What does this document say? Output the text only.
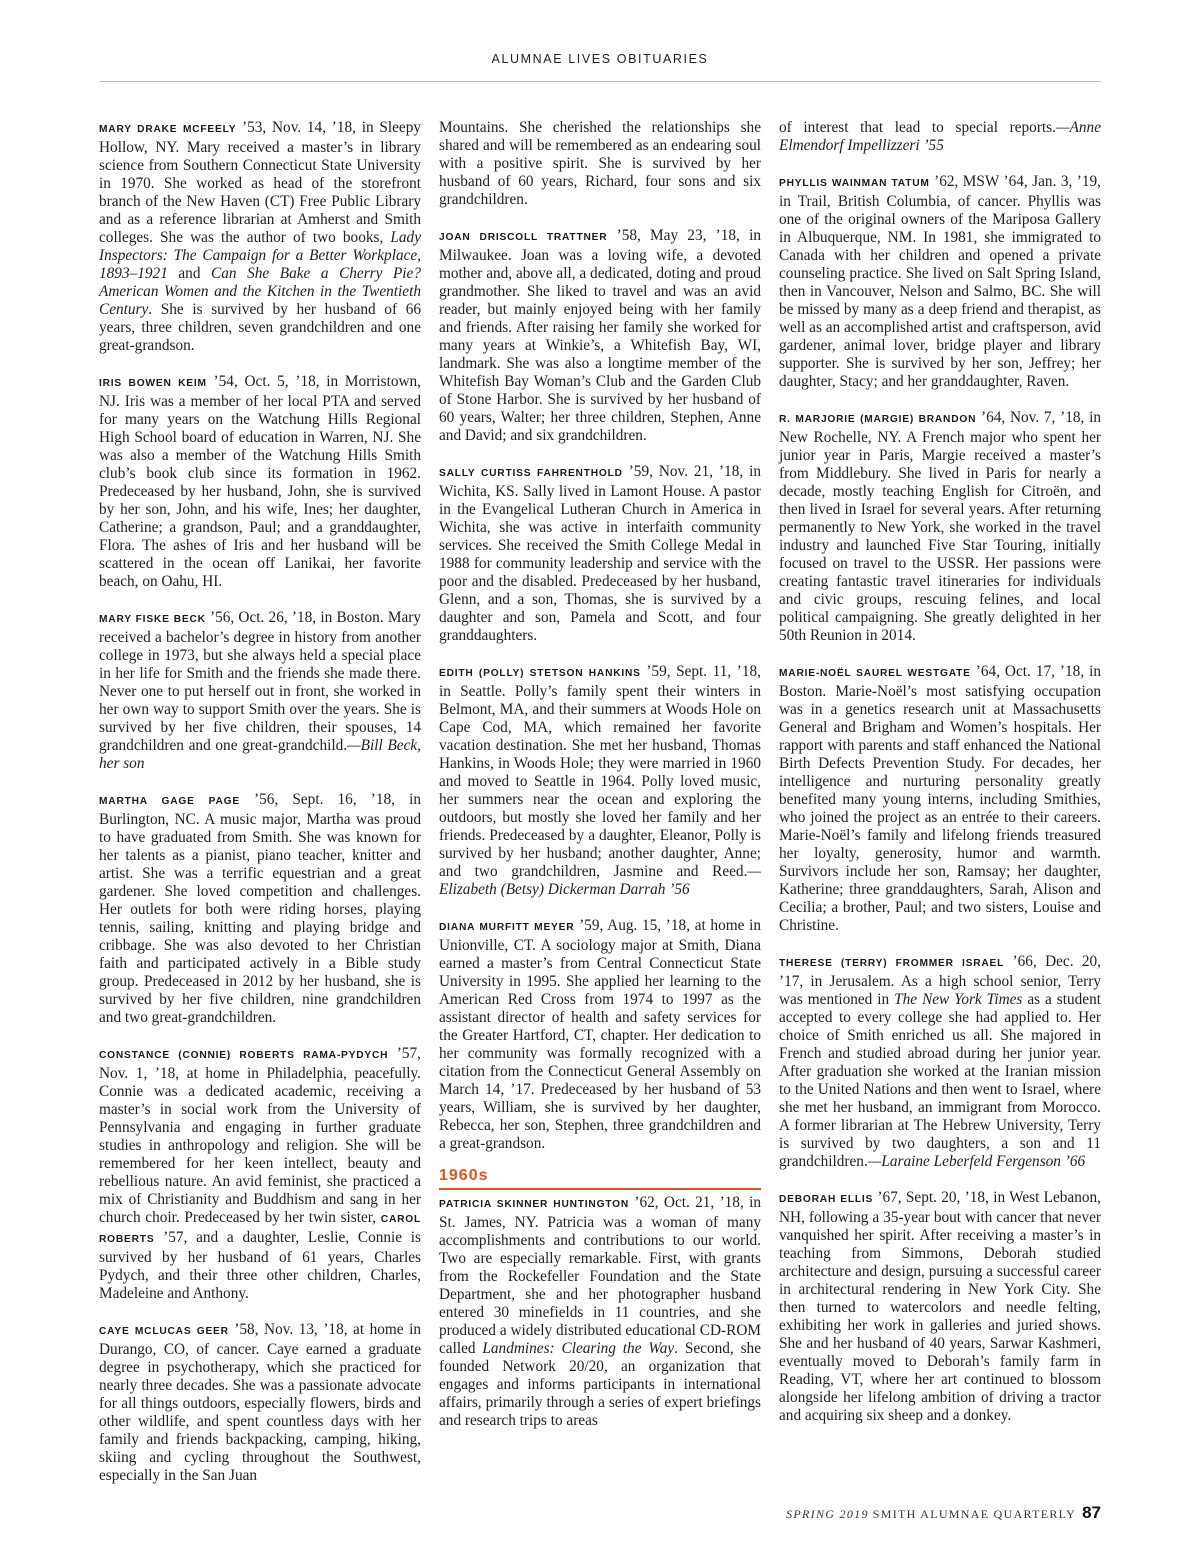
ALUMNAE LIVES OBITUARIES

MARY DRAKE MCFEELY ’53, Nov. 14, ’18, in Sleepy Hollow, NY. Mary received a master’s in library science from Southern Connecticut State University in 1970. She worked as head of the storefront branch of the New Haven (CT) Free Public Library and as a reference librarian at Amherst and Smith colleges. She was the author of two books, Lady Inspectors: The Campaign for a Better Workplace, 1893–1921 and Can She Bake a Cherry Pie? American Women and the Kitchen in the Twentieth Century. She is survived by her husband of 66 years, three children, seven grandchildren and one great-grandson.

IRIS BOWEN KEIM ’54, Oct. 5, ’18, in Morristown, NJ. Iris was a member of her local PTA and served for many years on the Watchung Hills Regional High School board of education in Warren, NJ. She was also a member of the Watchung Hills Smith club’s book club since its formation in 1962. Predeceased by her husband, John, she is survived by her son, John, and his wife, Ines; her daughter, Catherine; a grandson, Paul; and a granddaughter, Flora. The ashes of Iris and her husband will be scattered in the ocean off Lanikai, her favorite beach, on Oahu, HI.

MARY FISKE BECK ’56, Oct. 26, ’18, in Boston. Mary received a bachelor’s degree in history from another college in 1973, but she always held a special place in her life for Smith and the friends she made there. Never one to put herself out in front, she worked in her own way to support Smith over the years. She is survived by her five children, their spouses, 14 grandchildren and one great-grandchild.—Bill Beck, her son

MARTHA GAGE PAGE ’56, Sept. 16, ’18, in Burlington, NC. A music major, Martha was proud to have graduated from Smith. She was known for her talents as a pianist, piano teacher, knitter and artist. She was a terrific equestrian and a great gardener. She loved competition and challenges. Her outlets for both were riding horses, playing tennis, sailing, knitting and playing bridge and cribbage. She was also devoted to her Christian faith and participated actively in a Bible study group. Predeceased in 2012 by her husband, she is survived by her five children, nine grandchildren and two great-grandchildren.

CONSTANCE (CONNIE) ROBERTS RAMA-PYDYCH ’57, Nov. 1, ’18, at home in Philadelphia, peacefully. Connie was a dedicated academic, receiving a master’s in social work from the University of Pennsylvania and engaging in further graduate studies in anthropology and religion. She will be remembered for her keen intellect, beauty and rebellious nature. An avid feminist, she practiced a mix of Christianity and Buddhism and sang in her church choir. Predeceased by her twin sister, CAROL ROBERTS ’57, and a daughter, Leslie, Connie is survived by her husband of 61 years, Charles Pydych, and their three other children, Charles, Madeleine and Anthony.

CAYE MCLUCAS GEER ’58, Nov. 13, ’18, at home in Durango, CO, of cancer. Caye earned a graduate degree in psychotherapy, which she practiced for nearly three decades. She was a passionate advocate for all things outdoors, especially flowers, birds and other wildlife, and spent countless days with her family and friends backpacking, camping, hiking, skiing and cycling throughout the Southwest, especially in the San Juan

Mountains. She cherished the relationships she shared and will be remembered as an endearing soul with a positive spirit. She is survived by her husband of 60 years, Richard, four sons and six grandchildren.

JOAN DRISCOLL TRATTNER ’58, May 23, ’18, in Milwaukee. Joan was a loving wife, a devoted mother and, above all, a dedicated, doting and proud grandmother. She liked to travel and was an avid reader, but mainly enjoyed being with her family and friends. After raising her family she worked for many years at Winkie’s, a Whitefish Bay, WI, landmark. She was also a longtime member of the Whitefish Bay Woman’s Club and the Garden Club of Stone Harbor. She is survived by her husband of 60 years, Walter; her three children, Stephen, Anne and David; and six grandchildren.

SALLY CURTISS FAHRENTHOLD ’59, Nov. 21, ’18, in Wichita, KS. Sally lived in Lamont House. A pastor in the Evangelical Lutheran Church in America in Wichita, she was active in interfaith community services. She received the Smith College Medal in 1988 for community leadership and service with the poor and the disabled. Predeceased by her husband, Glenn, and a son, Thomas, she is survived by a daughter and son, Pamela and Scott, and four granddaughters.

EDITH (POLLY) STETSON HANKINS ’59, Sept. 11, ’18, in Seattle. Polly’s family spent their winters in Belmont, MA, and their summers at Woods Hole on Cape Cod, MA, which remained her favorite vacation destination. She met her husband, Thomas Hankins, in Woods Hole; they were married in 1960 and moved to Seattle in 1964. Polly loved music, her summers near the ocean and exploring the outdoors, but mostly she loved her family and her friends. Predeceased by a daughter, Eleanor, Polly is survived by her husband; another daughter, Anne; and two grandchildren, Jasmine and Reed.—Elizabeth (Betsy) Dickerman Darrah ’56

DIANA MURFITT MEYER ’59, Aug. 15, ’18, at home in Unionville, CT. A sociology major at Smith, Diana earned a master’s from Central Connecticut State University in 1995. She applied her learning to the American Red Cross from 1974 to 1997 as the assistant director of health and safety services for the Greater Hartford, CT, chapter. Her dedication to her community was formally recognized with a citation from the Connecticut General Assembly on March 14, ’17. Predeceased by her husband of 53 years, William, she is survived by her daughter, Rebecca, her son, Stephen, three grandchildren and a great-grandson.

1960s

PATRICIA SKINNER HUNTINGTON ’62, Oct. 21, ’18, in St. James, NY. Patricia was a woman of many accomplishments and contributions to our world. Two are especially remarkable. First, with grants from the Rockefeller Foundation and the State Department, she and her photographer husband entered 30 minefields in 11 countries, and she produced a widely distributed educational CD-ROM called Landmines: Clearing the Way. Second, she founded Network 20/20, an organization that engages and informs participants in international affairs, primarily through a series of expert briefings and research trips to areas

of interest that lead to special reports.—Anne Elmendorf Impellizzeri ’55

PHYLLIS WAINMAN TATUM ’62, MSW ’64, Jan. 3, ’19, in Trail, British Columbia, of cancer. Phyllis was one of the original owners of the Mariposa Gallery in Albuquerque, NM. In 1981, she immigrated to Canada with her children and opened a private counseling practice. She lived on Salt Spring Island, then in Vancouver, Nelson and Salmo, BC. She will be missed by many as a deep friend and therapist, as well as an accomplished artist and craftsperson, avid gardener, animal lover, bridge player and library supporter. She is survived by her son, Jeffrey; her daughter, Stacy; and her granddaughter, Raven.

R. MARJORIE (MARGIE) BRANDON ’64, Nov. 7, ’18, in New Rochelle, NY. A French major who spent her junior year in Paris, Margie received a master’s from Middlebury. She lived in Paris for nearly a decade, mostly teaching English for Citroën, and then lived in Israel for several years. After returning permanently to New York, she worked in the travel industry and launched Five Star Touring, initially focused on travel to the USSR. Her passions were creating fantastic travel itineraries for individuals and civic groups, rescuing felines, and local political campaigning. She greatly delighted in her 50th Reunion in 2014.

MARIE-NOËL SAUREL WESTGATE ’64, Oct. 17, ’18, in Boston. Marie-Noël’s most satisfying occupation was in a genetics research unit at Massachusetts General and Brigham and Women’s hospitals. Her rapport with parents and staff enhanced the National Birth Defects Prevention Study. For decades, her intelligence and nurturing personality greatly benefited many young interns, including Smithies, who joined the project as an entrée to their careers. Marie-Noël’s family and lifelong friends treasured her loyalty, generosity, humor and warmth. Survivors include her son, Ramsay; her daughter, Katherine; three granddaughters, Sarah, Alison and Cecilia; a brother, Paul; and two sisters, Louise and Christine.

THERESE (TERRY) FROMMER ISRAEL ’66, Dec. 20, ’17, in Jerusalem. As a high school senior, Terry was mentioned in The New York Times as a student accepted to every college she had applied to. Her choice of Smith enriched us all. She majored in French and studied abroad during her junior year. After graduation she worked at the Iranian mission to the United Nations and then went to Israel, where she met her husband, an immigrant from Morocco. A former librarian at The Hebrew University, Terry is survived by two daughters, a son and 11 grandchildren.—Laraine Leberfeld Fergenson ’66

DEBORAH ELLIS ’67, Sept. 20, ’18, in West Lebanon, NH, following a 35-year bout with cancer that never vanquished her spirit. After receiving a master’s in teaching from Simmons, Deborah studied architecture and design, pursuing a successful career in architectural rendering in New York City. She then turned to watercolors and needle felting, exhibiting her work in galleries and juried shows. She and her husband of 40 years, Sarwar Kashmeri, eventually moved to Deborah’s family farm in Reading, VT, where her art continued to blossom alongside her lifelong ambition of driving a tractor and acquiring six sheep and a donkey.

SPRING 2019 SMITH ALUMNAE QUARTERLY 87
